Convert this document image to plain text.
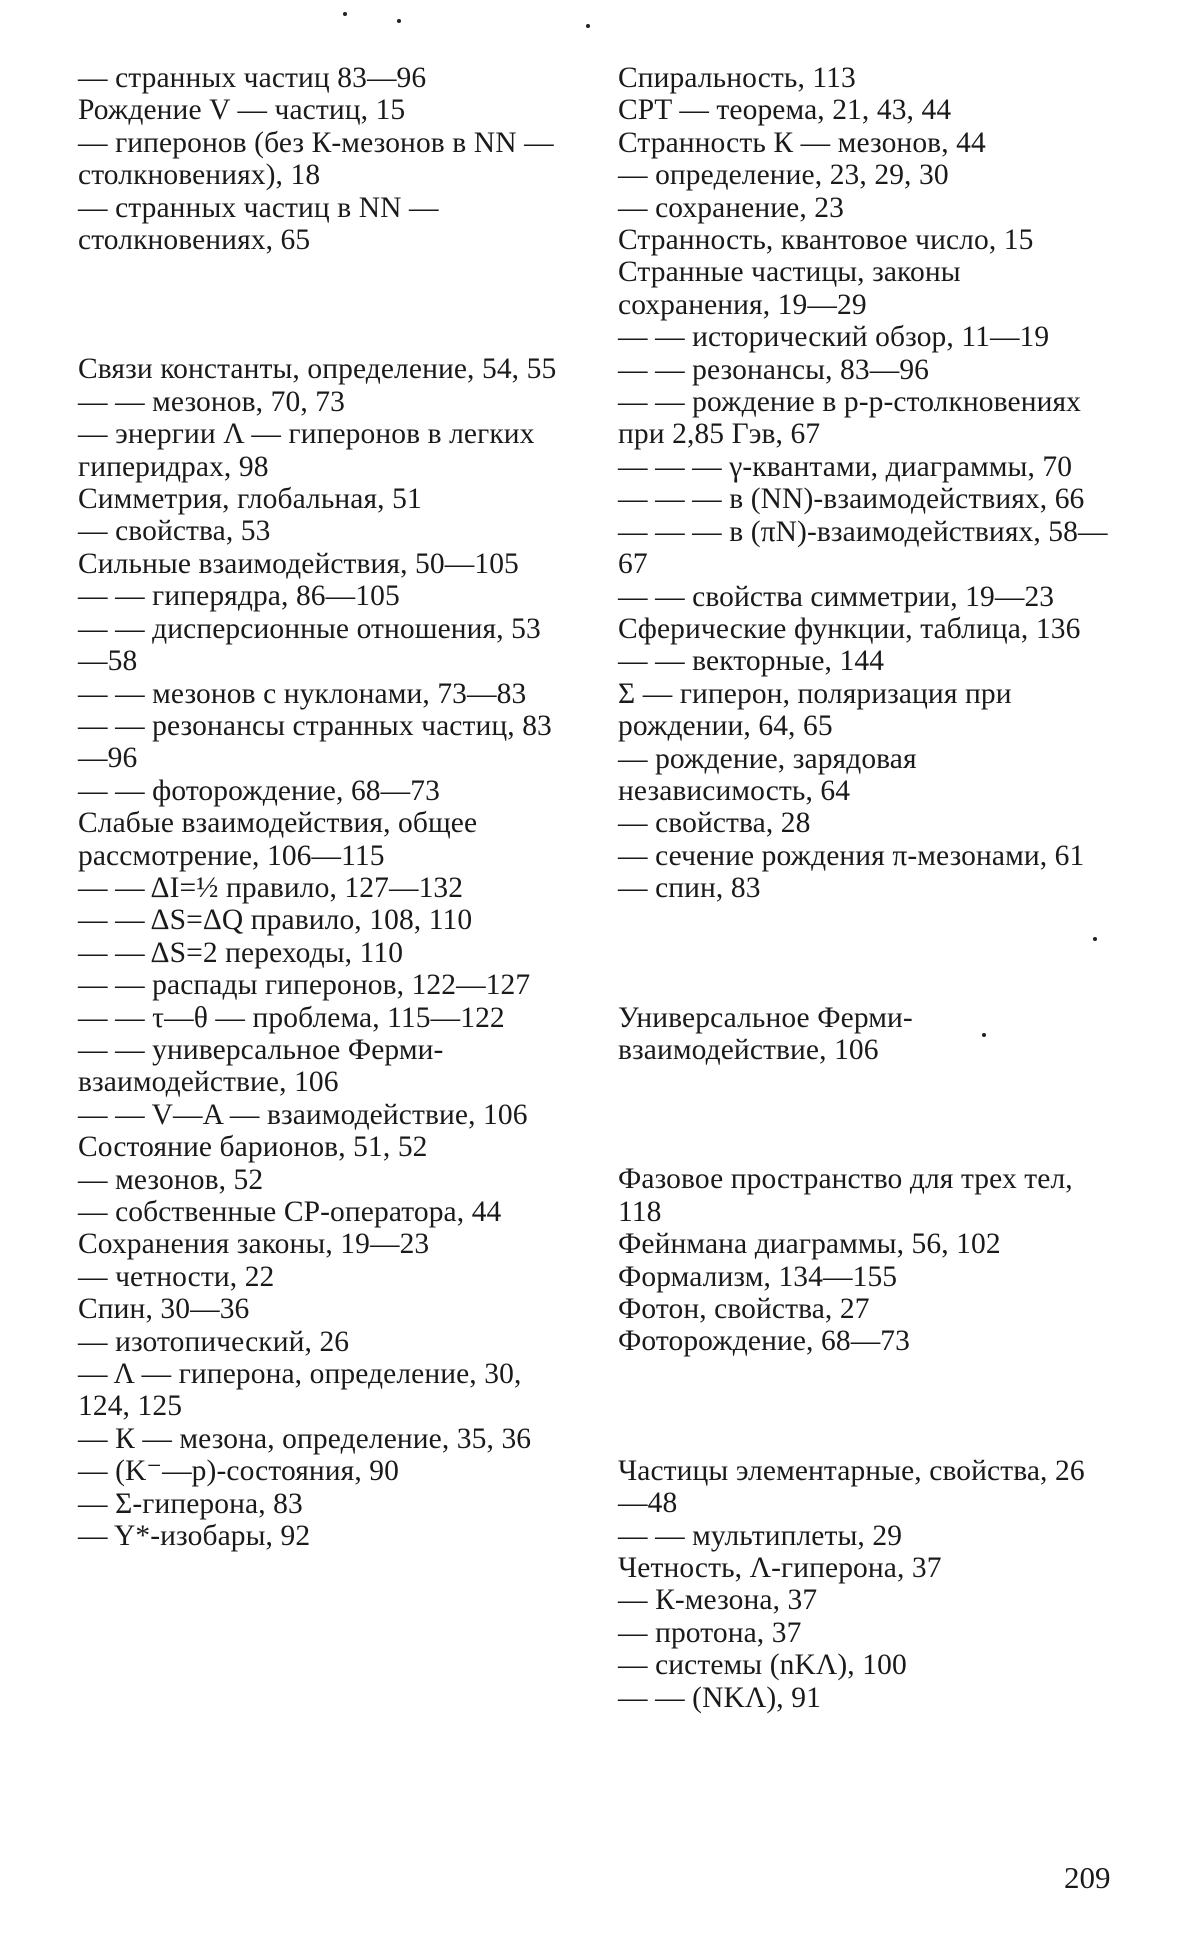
— странных частиц 83—96
Рождение V — частиц, 15
— гиперонов (без К-мезонов в NN — столкновениях), 18
— странных частиц в NN — столкновениях, 65
Связи константы, определение, 54, 55
— — мезонов, 70, 73
— энергии Λ — гиперонов в легких гиперидрах, 98
Симметрия, глобальная, 51
— свойства, 53
Сильные взаимодействия, 50—105
— — гиперядра, 86—105
— — дисперсионные отношения, 53—58
— — мезонов с нуклонами, 73—83
— — резонансы странных частиц, 83—96
— — фоторождение, 68—73
Слабые взаимодействия, общее рассмотрение, 106—115
— — ΔI=½ правило, 127—132
— — ΔS=ΔQ правило, 108, 110
— — ΔS=2 переходы, 110
— — распады гиперонов, 122—127
— — τ—θ — проблема, 115—122
— — универсальное Ферми-взаимодействие, 106
— — V—A — взаимодействие, 106
Состояние барионов, 51, 52
— мезонов, 52
— собственные CP-оператора, 44
Сохранения законы, 19—23
— четности, 22
Спин, 30—36
— изотопический, 26
— Λ — гиперона, определение, 30, 124, 125
— К — мезона, определение, 35, 36
— (K⁻—p)-состояния, 90
— Σ-гиперона, 83
— Y*-изобары, 92
Спиральность, 113
CPT — теорема, 21, 43, 44
Странность К — мезонов, 44
— определение, 23, 29, 30
— сохранение, 23
Странность, квантовое число, 15
Странные частицы, законы сохранения, 19—29
— — исторический обзор, 11—19
— — резонансы, 83—96
— — рождение в p-p-столкновениях при 2,85 Гэв, 67
— — — γ-квантами, диаграммы, 70
— — — в (NN)-взаимодействиях, 66
— — — в (πN)-взаимодействиях, 58—67
— — свойства симметрии, 19—23
Сферические функции, таблица, 136
— — векторные, 144
Σ — гиперон, поляризация при рождении, 64, 65
— рождение, зарядовая независимость, 64
— свойства, 28
— сечение рождения π-мезонами, 61
— спин, 83
Универсальное Ферми-взаимодействие, 106
Фазовое пространство для трех тел, 118
Фейнмана диаграммы, 56, 102
Формализм, 134—155
Фотон, свойства, 27
Фоторождение, 68—73
Частицы элементарные, свойства, 26—48
— — мультиплеты, 29
Четность, Λ-гиперона, 37
— К-мезона, 37
— протона, 37
— системы (nKΛ), 100
— — (NKΛ), 91
209
